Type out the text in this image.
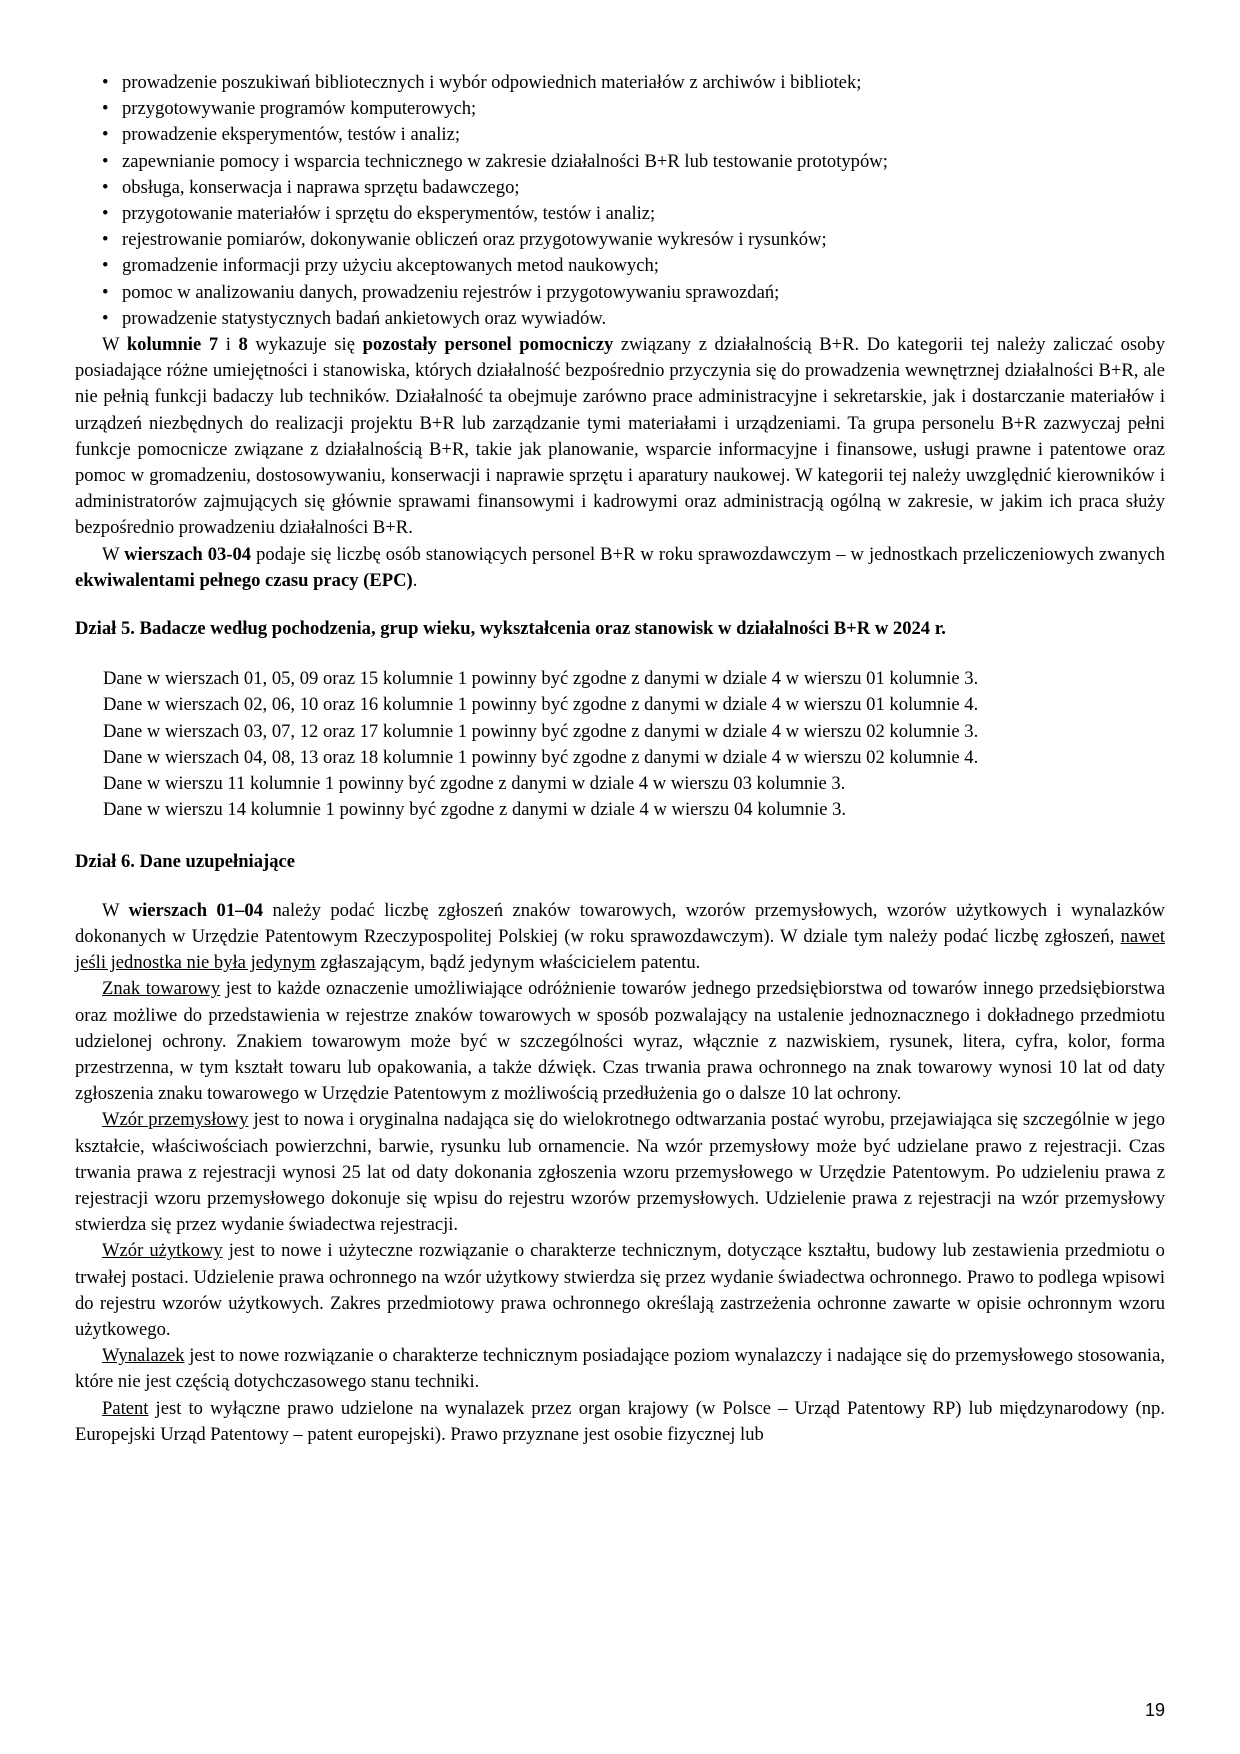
• prowadzenie poszukiwań bibliotecznych i wybór odpowiednich materiałów z archiwów i bibliotek;
• przygotowywanie programów komputerowych;
• prowadzenie eksperymentów, testów i analiz;
• zapewnianie pomocy i wsparcia technicznego w zakresie działalności B+R lub testowanie prototypów;
• obsługa, konserwacja i naprawa sprzętu badawczego;
• przygotowanie materiałów i sprzętu do eksperymentów, testów i analiz;
• rejestrowanie pomiarów, dokonywanie obliczeń oraz przygotowywanie wykresów i rysunków;
• gromadzenie informacji przy użyciu akceptowanych metod naukowych;
• pomoc w analizowaniu danych, prowadzeniu rejestrów i przygotowywaniu sprawozdań;
• prowadzenie statystycznych badań ankietowych oraz wywiadów.

W kolumnie 7 i 8 wykazuje się pozostały personel pomocniczy związany z działalnością B+R. Do kategorii tej należy zaliczać osoby posiadające różne umiejętności i stanowiska, których działalność bezpośrednio przyczynia się do prowadzenia wewnętrznej działalności B+R, ale nie pełnią funkcji badaczy lub techników. Działalność ta obejmuje zarówno prace administracyjne i sekretarskie, jak i dostarczanie materiałów i urządzeń niezbędnych do realizacji projektu B+R lub zarządzanie tymi materiałami i urządzeniami. Ta grupa personelu B+R zazwyczaj pełni funkcje pomocnicze związane z działalnością B+R, takie jak planowanie, wsparcie informacyjne i finansowe, usługi prawne i patentowe oraz pomoc w gromadzeniu, dostosowywaniu, konserwacji i naprawie sprzętu i aparatury naukowej. W kategorii tej należy uwzględnić kierowników i administratorów zajmujących się głównie sprawami finansowymi i kadrowymi oraz administracją ogólną w zakresie, w jakim ich praca służy bezpośrednio prowadzeniu działalności B+R.

W wierszach 03-04 podaje się liczbę osób stanowiących personel B+R w roku sprawozdawczym – w jednostkach przeliczeniowych zwanych ekwiwalentami pełnego czasu pracy (EPC).

Dział 5. Badacze według pochodzenia, grup wieku, wykształcenia oraz stanowisk w działalności B+R w 2024 r.

Dane w wierszach 01, 05, 09 oraz 15 kolumnie 1 powinny być zgodne z danymi w dziale 4 w wierszu 01 kolumnie 3.

Dane w wierszach 02, 06, 10 oraz 16 kolumnie 1 powinny być zgodne z danymi w dziale 4 w wierszu 01 kolumnie 4.

Dane w wierszach 03, 07, 12 oraz 17 kolumnie 1 powinny być zgodne z danymi w dziale 4 w wierszu 02 kolumnie 3.

Dane w wierszach 04, 08, 13 oraz 18 kolumnie 1 powinny być zgodne z danymi w dziale 4 w wierszu 02 kolumnie 4.

Dane w wierszu 11 kolumnie 1 powinny być zgodne z danymi w dziale 4 w wierszu 03 kolumnie 3.

Dane w wierszu 14 kolumnie 1 powinny być zgodne z danymi w dziale 4 w wierszu 04 kolumnie 3.

Dział 6. Dane uzupełniające

W wierszach 01–04 należy podać liczbę zgłoszeń znaków towarowych, wzorów przemysłowych, wzorów użytkowych i wynalazków dokonanych w Urzędzie Patentowym Rzeczypospolitej Polskiej (w roku sprawozdawczym). W dziale tym należy podać liczbę zgłoszeń, nawet jeśli jednostka nie była jedynym zgłaszającym, bądź jedynym właścicielem patentu.

Znak towarowy jest to każde oznaczenie umożliwiające odróżnienie towarów jednego przedsiębiorstwa od towarów innego przedsiębiorstwa oraz możliwe do przedstawienia w rejestrze znaków towarowych w sposób pozwalający na ustalenie jednoznacznego i dokładnego przedmiotu udzielonej ochrony. Znakiem towarowym może być w szczególności wyraz, włącznie z nazwiskiem, rysunek, litera, cyfra, kolor, forma przestrzenna, w tym kształt towaru lub opakowania, a także dźwięk. Czas trwania prawa ochronnego na znak towarowy wynosi 10 lat od daty zgłoszenia znaku towarowego w Urzędzie Patentowym z możliwością przedłużenia go o dalsze 10 lat ochrony.

Wzór przemysłowy jest to nowa i oryginalna nadająca się do wielokrotnego odtwarzania postać wyrobu, przejawiająca się szczególnie w jego kształcie, właściwościach powierzchni, barwie, rysunku lub ornamencie. Na wzór przemysłowy może być udzielane prawo z rejestracji. Czas trwania prawa z rejestracji wynosi 25 lat od daty dokonania zgłoszenia wzoru przemysłowego w Urzędzie Patentowym. Po udzieleniu prawa z rejestracji wzoru przemysłowego dokonuje się wpisu do rejestru wzorów przemysłowych. Udzielenie prawa z rejestracji na wzór przemysłowy stwierdza się przez wydanie świadectwa rejestracji.

Wzór użytkowy jest to nowe i użyteczne rozwiązanie o charakterze technicznym, dotyczące kształtu, budowy lub zestawienia przedmiotu o trwałej postaci. Udzielenie prawa ochronnego na wzór użytkowy stwierdza się przez wydanie świadectwa ochronnego. Prawo to podlega wpisowi do rejestru wzorów użytkowych. Zakres przedmiotowy prawa ochronnego określają zastrzeżenia ochronne zawarte w opisie ochronnym wzoru użytkowego.

Wynalazek jest to nowe rozwiązanie o charakterze technicznym posiadające poziom wynalazczy i nadające się do przemysłowego stosowania, które nie jest częścią dotychczasowego stanu techniki.

Patent jest to wyłączne prawo udzielone na wynalazek przez organ krajowy (w Polsce – Urząd Patentowy RP) lub międzynarodowy (np. Europejski Urząd Patentowy – patent europejski). Prawo przyznane jest osobie fizycznej lub

19
